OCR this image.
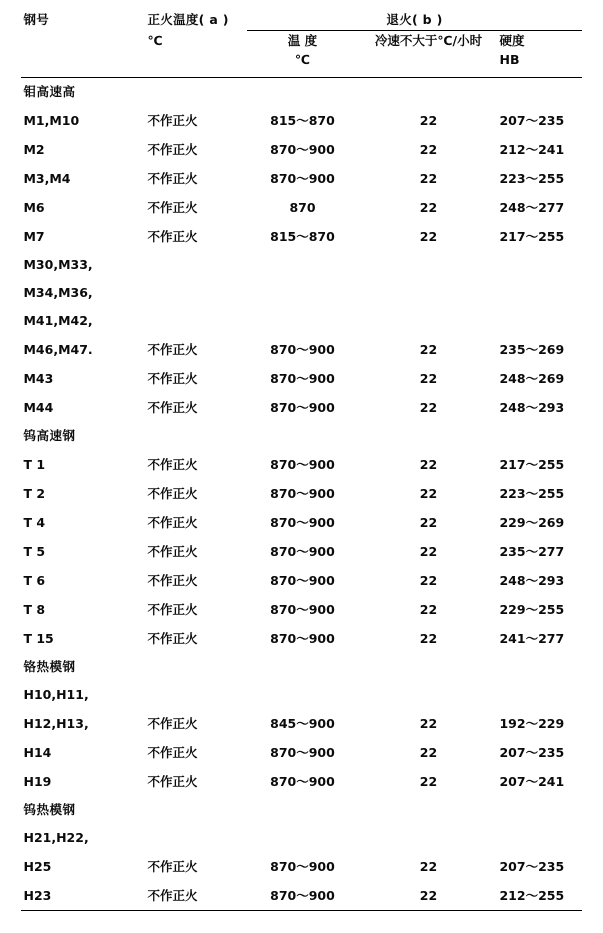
钢号	正火温度( a )	退火( b )		

	℃	温 度	冷速不大于℃/小时	硬度
		℃		HB

钼高速高				
M1,M10	不作正火	815～870	22	207～235
M2	不作正火	870～900	22	212～241
M3,M4	不作正火	870～900	22	223～255
M6	不作正火	870	22	248～277
M7	不作正火	815～870	22	217～255
M30,M33,				
M34,M36,				
M41,M42,				
M46,M47.	不作正火	870～900	22	235～269
M43	不作正火	870～900	22	248～269
M44	不作正火	870～900	22	248～293
钨高速钢				
T 1	不作正火	870～900	22	217～255
T 2	不作正火	870～900	22	223～255
T 4	不作正火	870～900	22	229～269
T 5	不作正火	870～900	22	235～277
T 6	不作正火	870～900	22	248～293
T 8	不作正火	870～900	22	229～255
T 15	不作正火	870～900	22	241～277
铬热模钢				
H10,H11,				
H12,H13,	不作正火	845～900	22	192～229
H14	不作正火	870～900	22	207～235
H19	不作正火	870～900	22	207～241
钨热模钢				
H21,H22,				
H25	不作正火	870～900	22	207～235
H23	不作正火	870～900	22	212～255
